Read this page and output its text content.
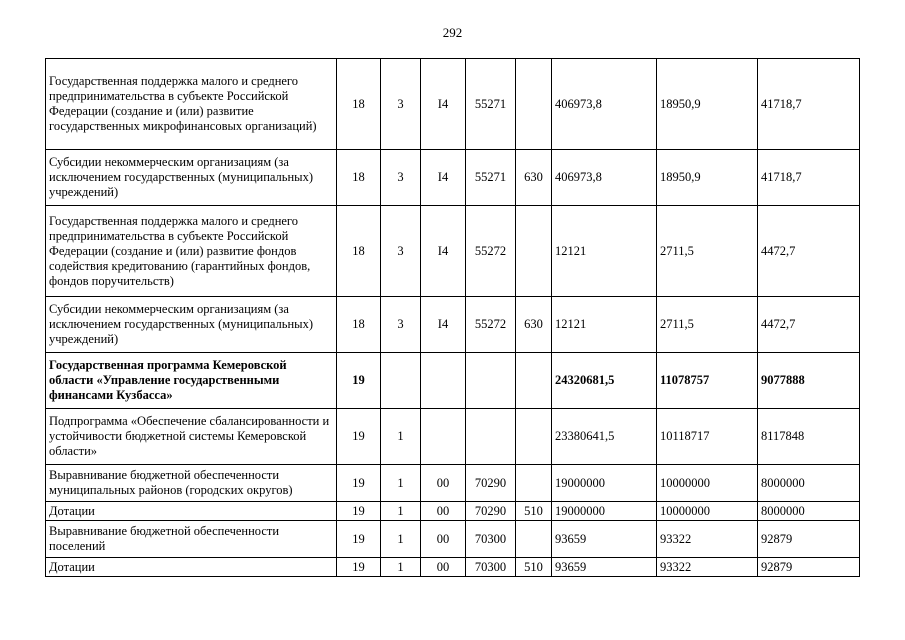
292
Государственная поддержка малого и среднего предпринимательства в субъекте Российской Федерации (создание и (или) развитие государственных микрофинансовых организаций)	18	3	I4	55271		406973,8	18950,9	41718,7
Субсидии некоммерческим организациям (за исключением государственных (муниципальных) учреждений)	18	3	I4	55271	630	406973,8	18950,9	41718,7
Государственная поддержка малого и среднего предпринимательства в субъекте Российской Федерации (создание и (или) развитие фондов содействия кредитованию (гарантийных фондов, фондов поручительств)	18	3	I4	55272		12121	2711,5	4472,7
Субсидии некоммерческим организациям (за исключением государственных (муниципальных) учреждений)	18	3	I4	55272	630	12121	2711,5	4472,7
Государственная программа Кемеровской области «Управление государственными финансами Кузбасса»	19					24320681,5	11078757	9077888
Подпрограмма «Обеспечение сбалансированности и устойчивости бюджетной системы Кемеровской области»	19	1				23380641,5	10118717	8117848
Выравнивание бюджетной обеспеченности муниципальных районов (городских округов)	19	1	00	70290		19000000	10000000	8000000
Дотации	19	1	00	70290	510	19000000	10000000	8000000
Выравнивание бюджетной обеспеченности поселений	19	1	00	70300		93659	93322	92879
Дотации	19	1	00	70300	510	93659	93322	92879
